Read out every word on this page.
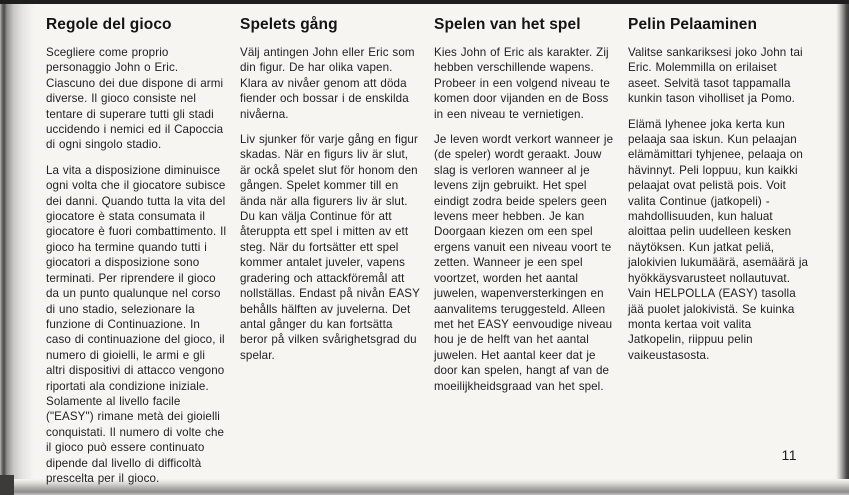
Regole del gioco

Scegliere come proprio personaggio John o Eric. Ciascuno dei due dispone di armi diverse. Il gioco consiste nel tentare di superare tutti gli stadi uccidendo i nemici ed il Capoccia di ogni singolo stadio.

La vita a disposizione diminuisce ogni volta che il giocatore subisce dei danni. Quando tutta la vita del giocatore è stata consumata il giocatore è fuori combattimento. Il gioco ha termine quando tutti i giocatori a disposizione sono terminati. Per riprendere il gioco da un punto qualunque nel corso di uno stadio, selezionare la funzione di Continuazione. In caso di continuazione del gioco, il numero di gioielli, le armi e gli altri dispositivi di attacco vengono riportati ala condizione iniziale. Solamente al livello facile ("EASY") rimane metà dei gioielli conquistati. Il numero di volte che il gioco può essere continuato dipende dal livello di difficoltà prescelta per il gioco.

Spelets gång

Välj antingen John eller Eric som din figur. De har olika vapen. Klara av nivåer genom att döda fiender och bossar i de enskilda nivåerna.

Liv sjunker för varje gång en figur skadas. När en figurs liv är slut, är ockå spelet slut för honom den gången. Spelet kommer till en ända när alla figurers liv är slut. Du kan välja Continue för att återuppta ett spel i mitten av ett steg. När du fortsätter ett spel kommer antalet juveler, vapens gradering och attackföremål att nollställas. Endast på nivån EASY behålls hälften av juvelerna. Det antal gånger du kan fortsätta beror på vilken svårighetsgrad du spelar.

Spelen van het spel

Kies John of Eric als karakter. Zij hebben verschillende wapens. Probeer in een volgend niveau te komen door vijanden en de Boss in een niveau te vernietigen.

Je leven wordt verkort wanneer je (de speler) wordt geraakt. Jouw slag is verloren wanneer al je levens zijn gebruikt. Het spel eindigt zodra beide spelers geen levens meer hebben. Je kan Doorgaan kiezen om een spel ergens vanuit een niveau voort te zetten. Wanneer je een spel voortzet, worden het aantal juwelen, wapenversterkingen en aanvalitems teruggesteld. Alleen met het EASY eenvoudige niveau hou je de helft van het aantal juwelen. Het aantal keer dat je door kan spelen, hangt af van de moeilijkheidsgraad van het spel.

Pelin Pelaaminen

Valitse sankariksesi joko John tai Eric. Molemmilla on erilaiset aseet. Selvitä tasot tappamalla kunkin tason viholliset ja Pomo.

Elämä lyhenee joka kerta kun pelaaja saa iskun. Kun pelaajan elämämittari tyhjenee, pelaaja on hävinnyt. Peli loppuu, kun kaikki pelaajat ovat pelistä pois. Voit valita Continue (jatkopeli) - mahdollisuuden, kun haluat aloittaa pelin uudelleen kesken näytöksen. Kun jatkat peliä, jalokivien lukumäärä, asemäärä ja hyökkäysvarusteet nollautuvat. Vain HELPOLLA (EASY) tasolla jää puolet jalokivistä. Se kuinka monta kertaa voit valita Jatkopelin, riippuu pelin vaikeustasosta.

11
